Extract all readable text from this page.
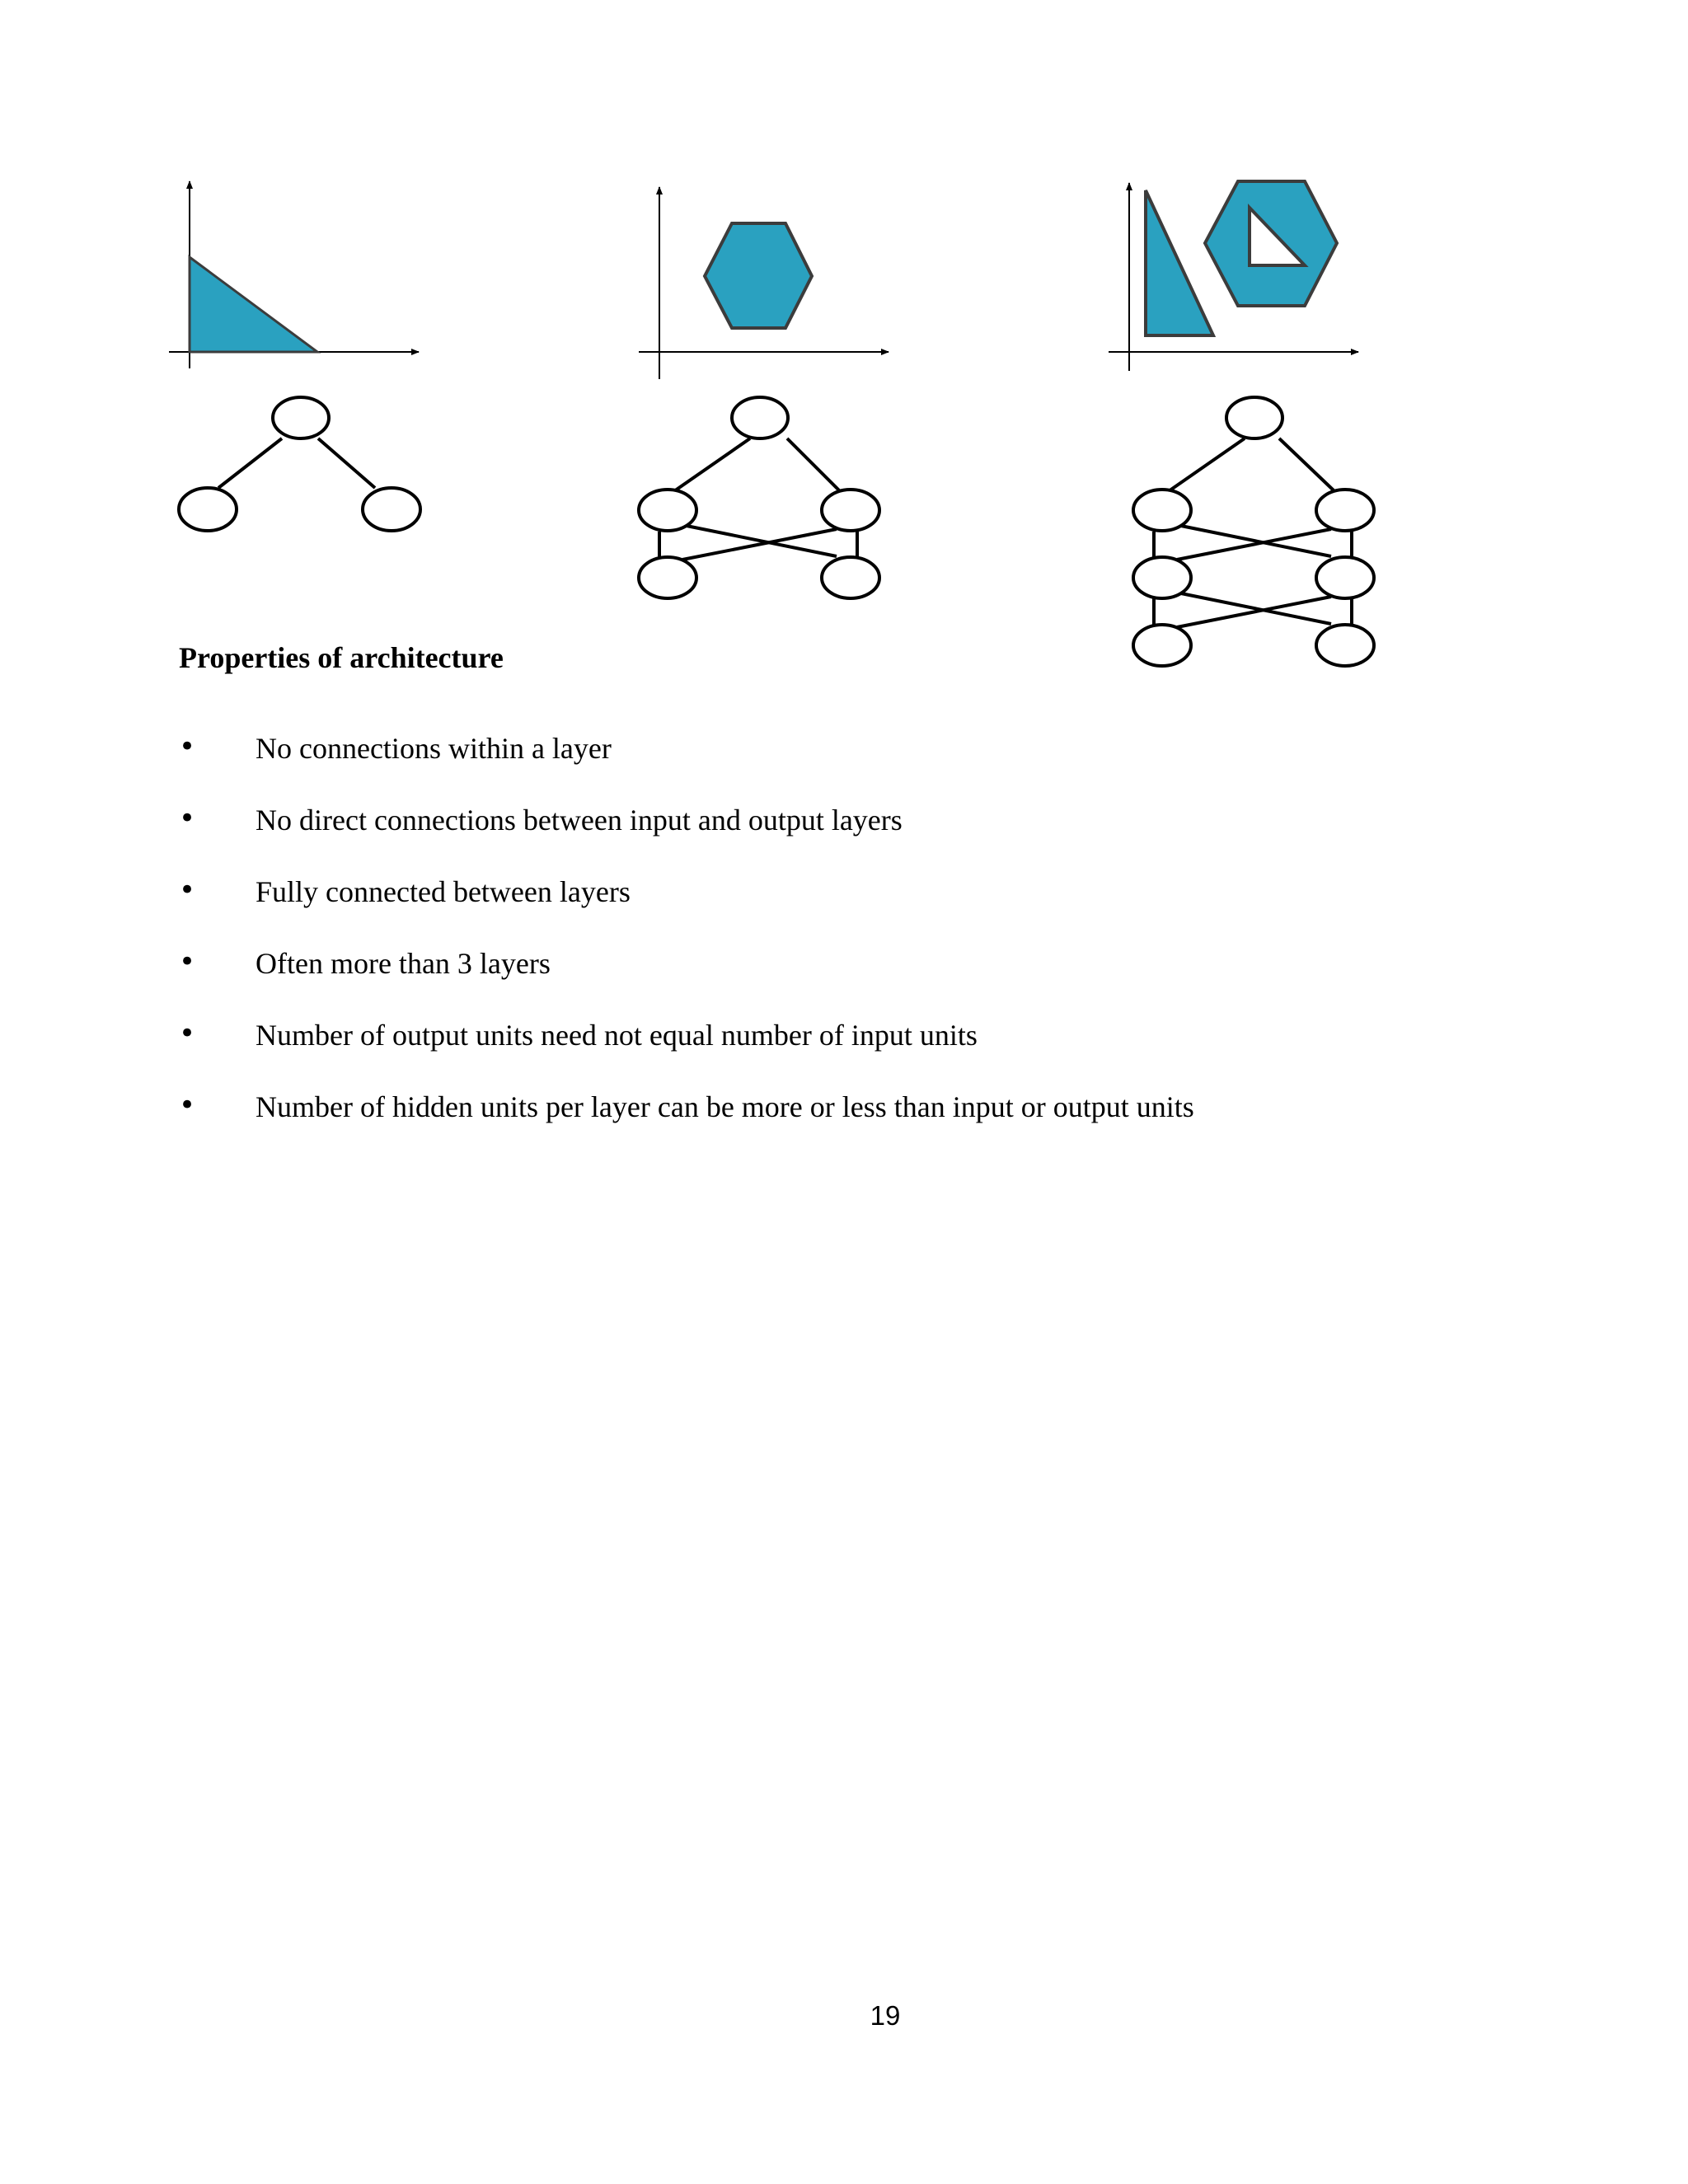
Properties of architecture
• No connections within a layer
• No direct connections between input and output layers
• Fully connected between layers
• Often more than 3 layers
• Number of output units need not equal number of input units
• Number of hidden units per layer can be more or less than input or output units
19
